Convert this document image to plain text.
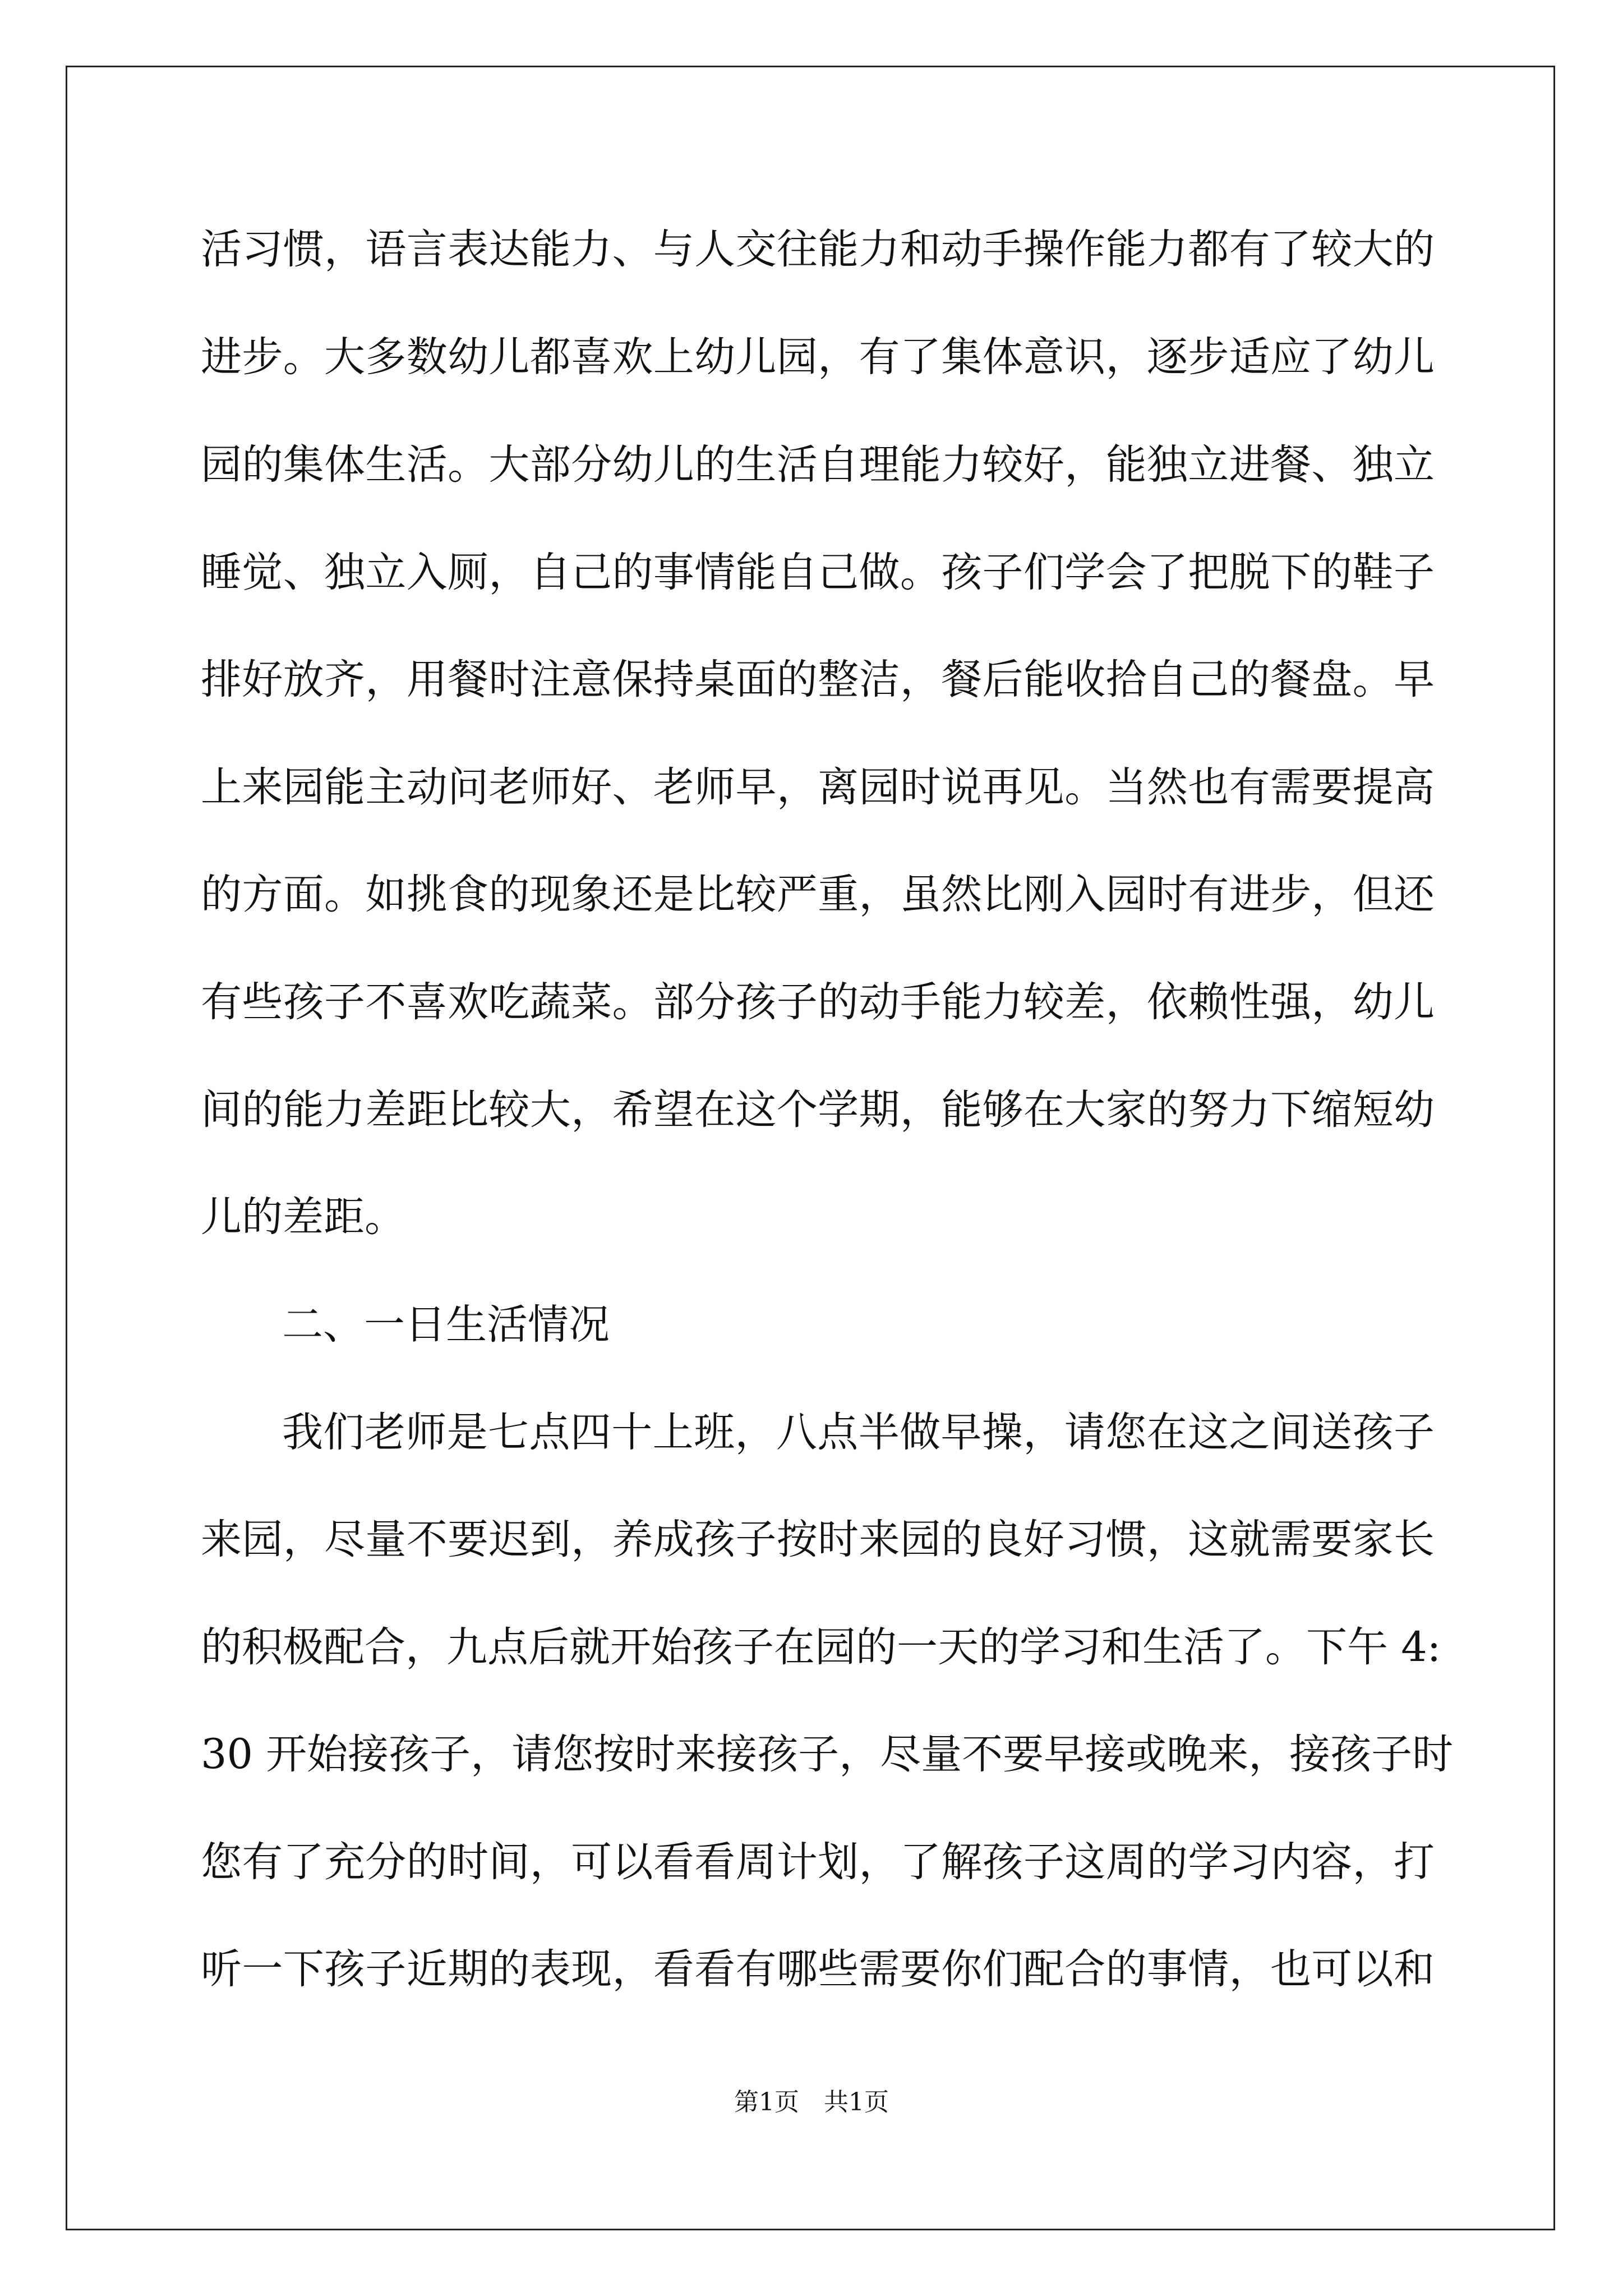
活习惯，语言表达能力、与人交往能力和动手操作能力都有了较大的
进步。大多数幼儿都喜欢上幼儿园，有了集体意识，逐步适应了幼儿
园的集体生活。大部分幼儿的生活自理能力较好，能独立进餐、独立
睡觉、独立入厕，自己的事情能自己做。孩子们学会了把脱下的鞋子
排好放齐，用餐时注意保持桌面的整洁，餐后能收拾自己的餐盘。早
上来园能主动问老师好、老师早，离园时说再见。当然也有需要提高
的方面。如挑食的现象还是比较严重，虽然比刚入园时有进步，但还
有些孩子不喜欢吃蔬菜。部分孩子的动手能力较差，依赖性强，幼儿
间的能力差距比较大，希望在这个学期，能够在大家的努力下缩短幼
儿的差距。
二、一日生活情况
我们老师是七点四十上班，八点半做早操，请您在这之间送孩子
来园，尽量不要迟到，养成孩子按时来园的良好习惯，这就需要家长
的积极配合，九点后就开始孩子在园的一天的学习和生活了。下午 4:
30 开始接孩子，请您按时来接孩子，尽量不要早接或晚来，接孩子时
您有了充分的时间，可以看看周计划，了解孩子这周的学习内容，打
听一下孩子近期的表现，看看有哪些需要你们配合的事情，也可以和
第1页　共1页
